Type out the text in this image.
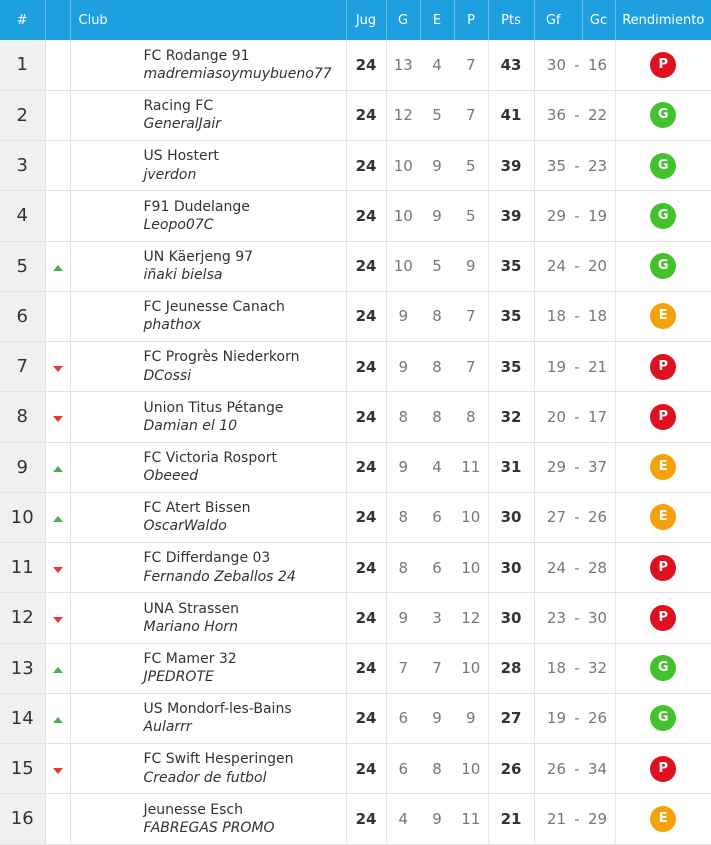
#		Club	Jug	G	E	P	Pts	Gf		Gc	Rendimiento
1		FC Rodange 91
madremiasoymuybueno77	24	13	4	7	43	30	-	16	P
2		Racing FC
GeneralJair	24	12	5	7	41	36	-	22	G
3		US Hostert
jverdon	24	10	9	5	39	35	-	23	G
4		F91 Dudelange
Leopo07C	24	10	9	5	39	29	-	19	G
5		UN Käerjeng 97
iñaki bielsa	24	10	5	9	35	24	-	20	G
6		FC Jeunesse Canach
phathox	24	9	8	7	35	18	-	18	E
7		FC Progrès Niederkorn
DCossi	24	9	8	7	35	19	-	21	P
8		Union Titus Pétange
Damian el 10	24	8	8	8	32	20	-	17	P
9		FC Victoria Rosport
Obeeed	24	9	4	11	31	29	-	37	E
10		FC Atert Bissen
OscarWaldo	24	8	6	10	30	27	-	26	E
11		FC Differdange 03
Fernando Zeballos 24	24	8	6	10	30	24	-	28	P
12		UNA Strassen
Mariano Horn	24	9	3	12	30	23	-	30	P
13		FC Mamer 32
JPEDROTE	24	7	7	10	28	18	-	32	G
14		US Mondorf-les-Bains
Aularrr	24	6	9	9	27	19	-	26	G
15		FC Swift Hesperingen
Creador de futbol	24	6	8	10	26	26	-	34	P
16		Jeunesse Esch
FABREGAS PROMO	24	4	9	11	21	21	-	29	E
